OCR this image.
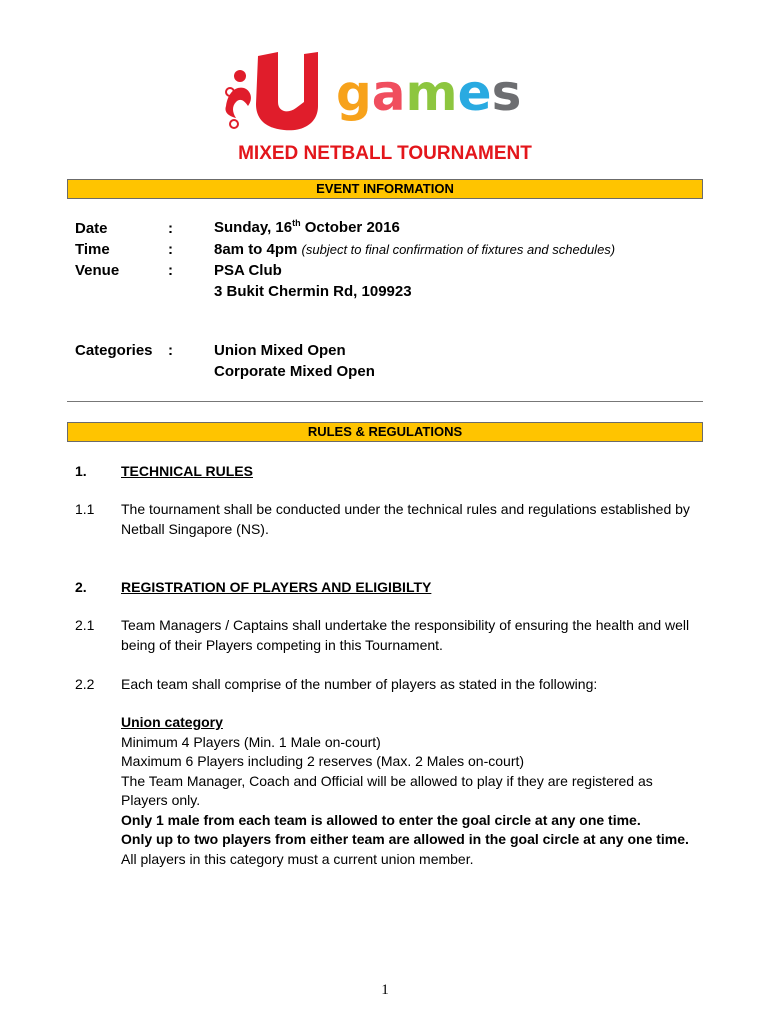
games
MIXED NETBALL TOURNAMENT
EVENT INFORMATION
Date	:	Sunday, 16th October 2016
Time	:	8am to 4pm (subject to final confirmation of fixtures and schedules)
Venue	:	PSA Club
3 Bukit Chermin Rd, 109923
Categories :	Union Mixed Open
Corporate Mixed Open
RULES & REGULATIONS
1. TECHNICAL RULES
1.1 The tournament shall be conducted under the technical rules and regulations established by Netball Singapore (NS).
2. REGISTRATION OF PLAYERS AND ELIGIBILTY
2.1 Team Managers / Captains shall undertake the responsibility of ensuring the health and well being of their Players competing in this Tournament.
2.2 Each team shall comprise of the number of players as stated in the following:
Union category
Minimum 4 Players (Min. 1 Male on-court)
Maximum 6 Players including 2 reserves (Max. 2 Males on-court)
The Team Manager, Coach and Official will be allowed to play if they are registered as Players only.
Only 1 male from each team is allowed to enter the goal circle at any one time.
Only up to two players from either team are allowed in the goal circle at any one time.
All players in this category must a current union member.
1
